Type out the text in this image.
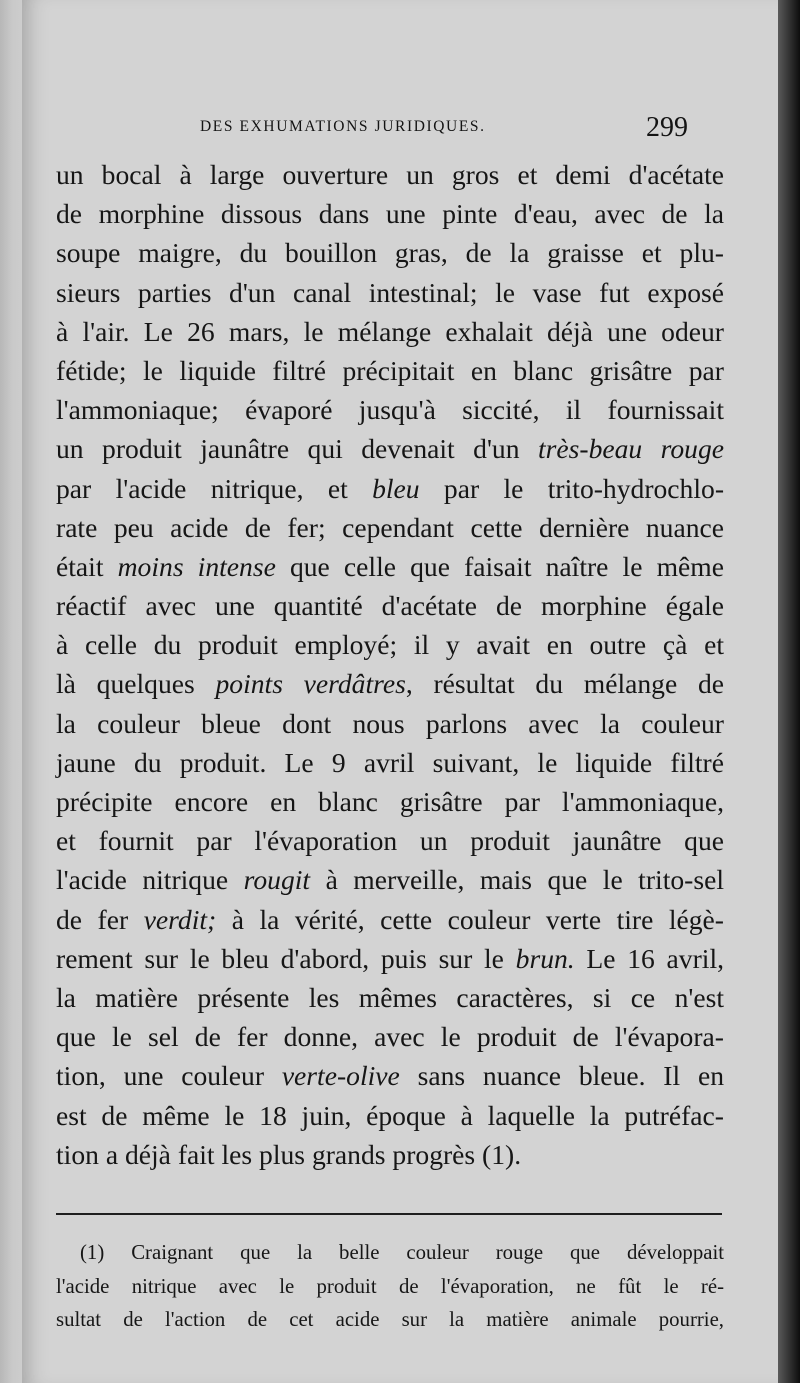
DES EXHUMATIONS JURIDIQUES.	299
un bocal à large ouverture un gros et demi d'acétate
de morphine dissous dans une pinte d'eau, avec de la
soupe maigre, du bouillon gras, de la graisse et plu-
sieurs parties d'un canal intestinal; le vase fut exposé
à l'air. Le 26 mars, le mélange exhalait déjà une odeur
fétide; le liquide filtré précipitait en blanc grisâtre par
l'ammoniaque; évaporé jusqu'à siccité, il fournissait
un produit jaunâtre qui devenait d'un très-beau rouge
par l'acide nitrique, et bleu par le trito-hydrochlo-
rate peu acide de fer; cependant cette dernière nuance
était moins intense que celle que faisait naître le même
réactif avec une quantité d'acétate de morphine égale
à celle du produit employé; il y avait en outre çà et
là quelques points verdâtres, résultat du mélange de
la couleur bleue dont nous parlons avec la couleur
jaune du produit. Le 9 avril suivant, le liquide filtré
précipite encore en blanc grisâtre par l'ammoniaque,
et fournit par l'évaporation un produit jaunâtre que
l'acide nitrique rougit à merveille, mais que le trito-sel
de fer verdit; à la vérité, cette couleur verte tire légè-
rement sur le bleu d'abord, puis sur le brun. Le 16 avril,
la matière présente les mêmes caractères, si ce n'est
que le sel de fer donne, avec le produit de l'évapora-
tion, une couleur verte-olive sans nuance bleue. Il en
est de même le 18 juin, époque à laquelle la putréfac-
tion a déjà fait les plus grands progrès (1).
(1) Craignant que la belle couleur rouge que développait
l'acide nitrique avec le produit de l'évaporation, ne fût le ré-
sultat de l'action de cet acide sur la matière animale pourrie,
